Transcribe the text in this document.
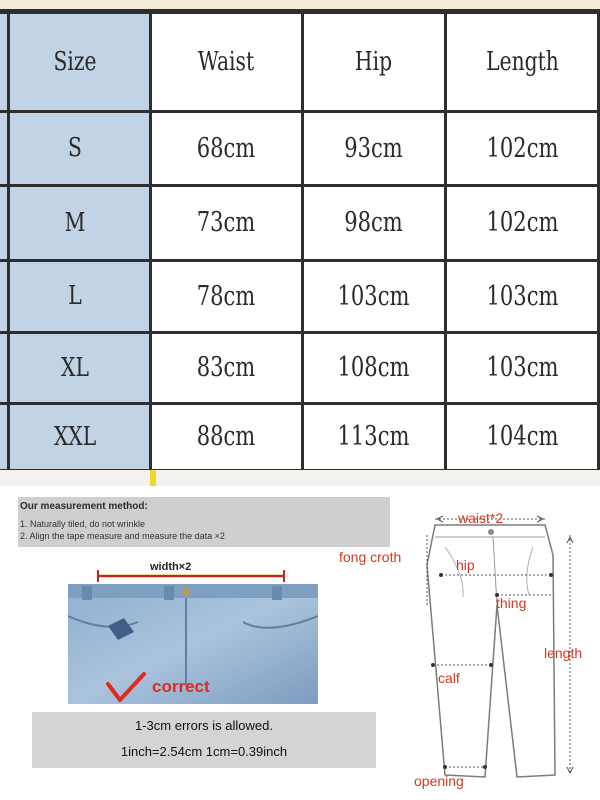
Size	Waist	Hip	Length
S	68cm	93cm	102cm
M	73cm	98cm	102cm
L	78cm	103cm	103cm
XL	83cm	108cm	103cm
XXL	88cm	113cm	104cm
Our measurement method:
1. Naturally tiled, do not wrinkle
2. Align the tape measure and measure the data ×2
width×2
correct
1-3cm errors is allowed.
1inch=2.54cm 1cm=0.39inch
waist*2
fong croth	hip
thing
length
calf
opening
